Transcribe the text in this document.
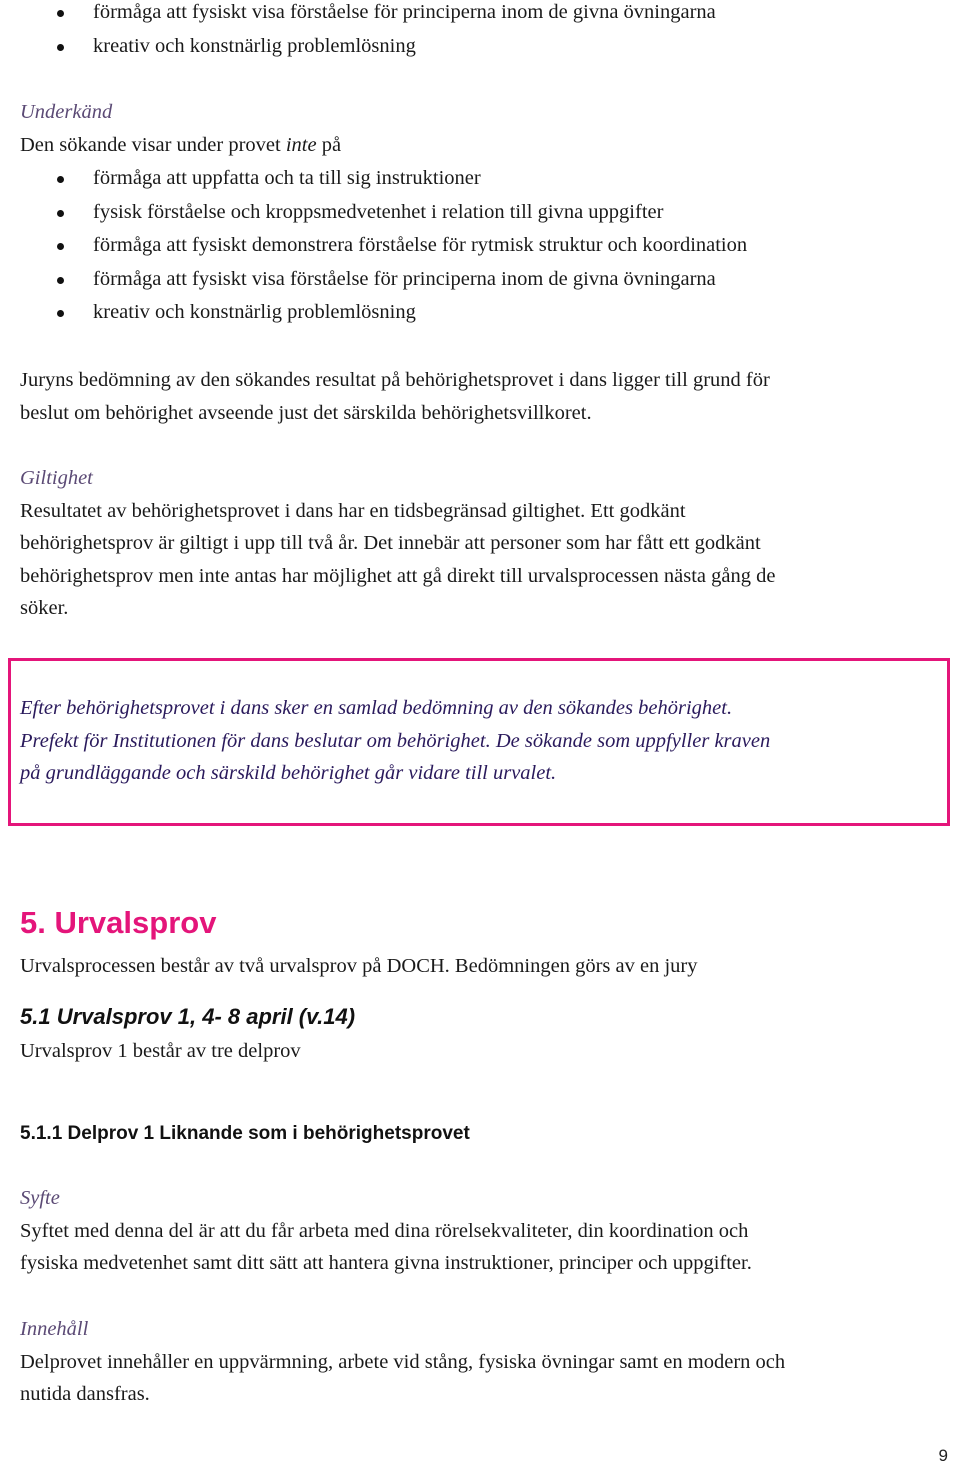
förmåga att fysiskt visa förståelse för principerna inom de givna övningarna
kreativ och konstnärlig problemlösning
Underkänd
Den sökande visar under provet inte på
förmåga att uppfatta och ta till sig instruktioner
fysisk förståelse och kroppsmedvetenhet i relation till givna uppgifter
förmåga att fysiskt demonstrera förståelse för rytmisk struktur och koordination
förmåga att fysiskt visa förståelse för principerna inom de givna övningarna
kreativ och konstnärlig problemlösning
Juryns bedömning av den sökandes resultat på behörighetsprovet i dans ligger till grund för
beslut om behörighet avseende just det särskilda behörighetsvillkoret.
Giltighet
Resultatet av behörighetsprovet i dans har en tidsbegränsad giltighet. Ett godkänt
behörighetsprov är giltigt i upp till två år. Det innebär att personer som har fått ett godkänt
behörighetsprov men inte antas har möjlighet att gå direkt till urvalsprocessen nästa gång de
söker.
Efter behörighetsprovet i dans sker en samlad bedömning av den sökandes behörighet.
Prefekt för Institutionen för dans beslutar om behörighet. De sökande som uppfyller kraven
på grundläggande och särskild behörighet går vidare till urvalet.
5. Urvalsprov
Urvalsprocessen består av två urvalsprov på DOCH. Bedömningen görs av en jury
5.1 Urvalsprov 1, 4- 8 april (v.14)
Urvalsprov 1 består av tre delprov
5.1.1 Delprov 1 Liknande som i behörighetsprovet
Syfte
Syftet med denna del är att du får arbeta med dina rörelsekvaliteter, din koordination och
fysiska medvetenhet samt ditt sätt att hantera givna instruktioner, principer och uppgifter.
Innehåll
Delprovet innehåller en uppvärmning, arbete vid stång, fysiska övningar samt en modern och
nutida dansfras.
9
